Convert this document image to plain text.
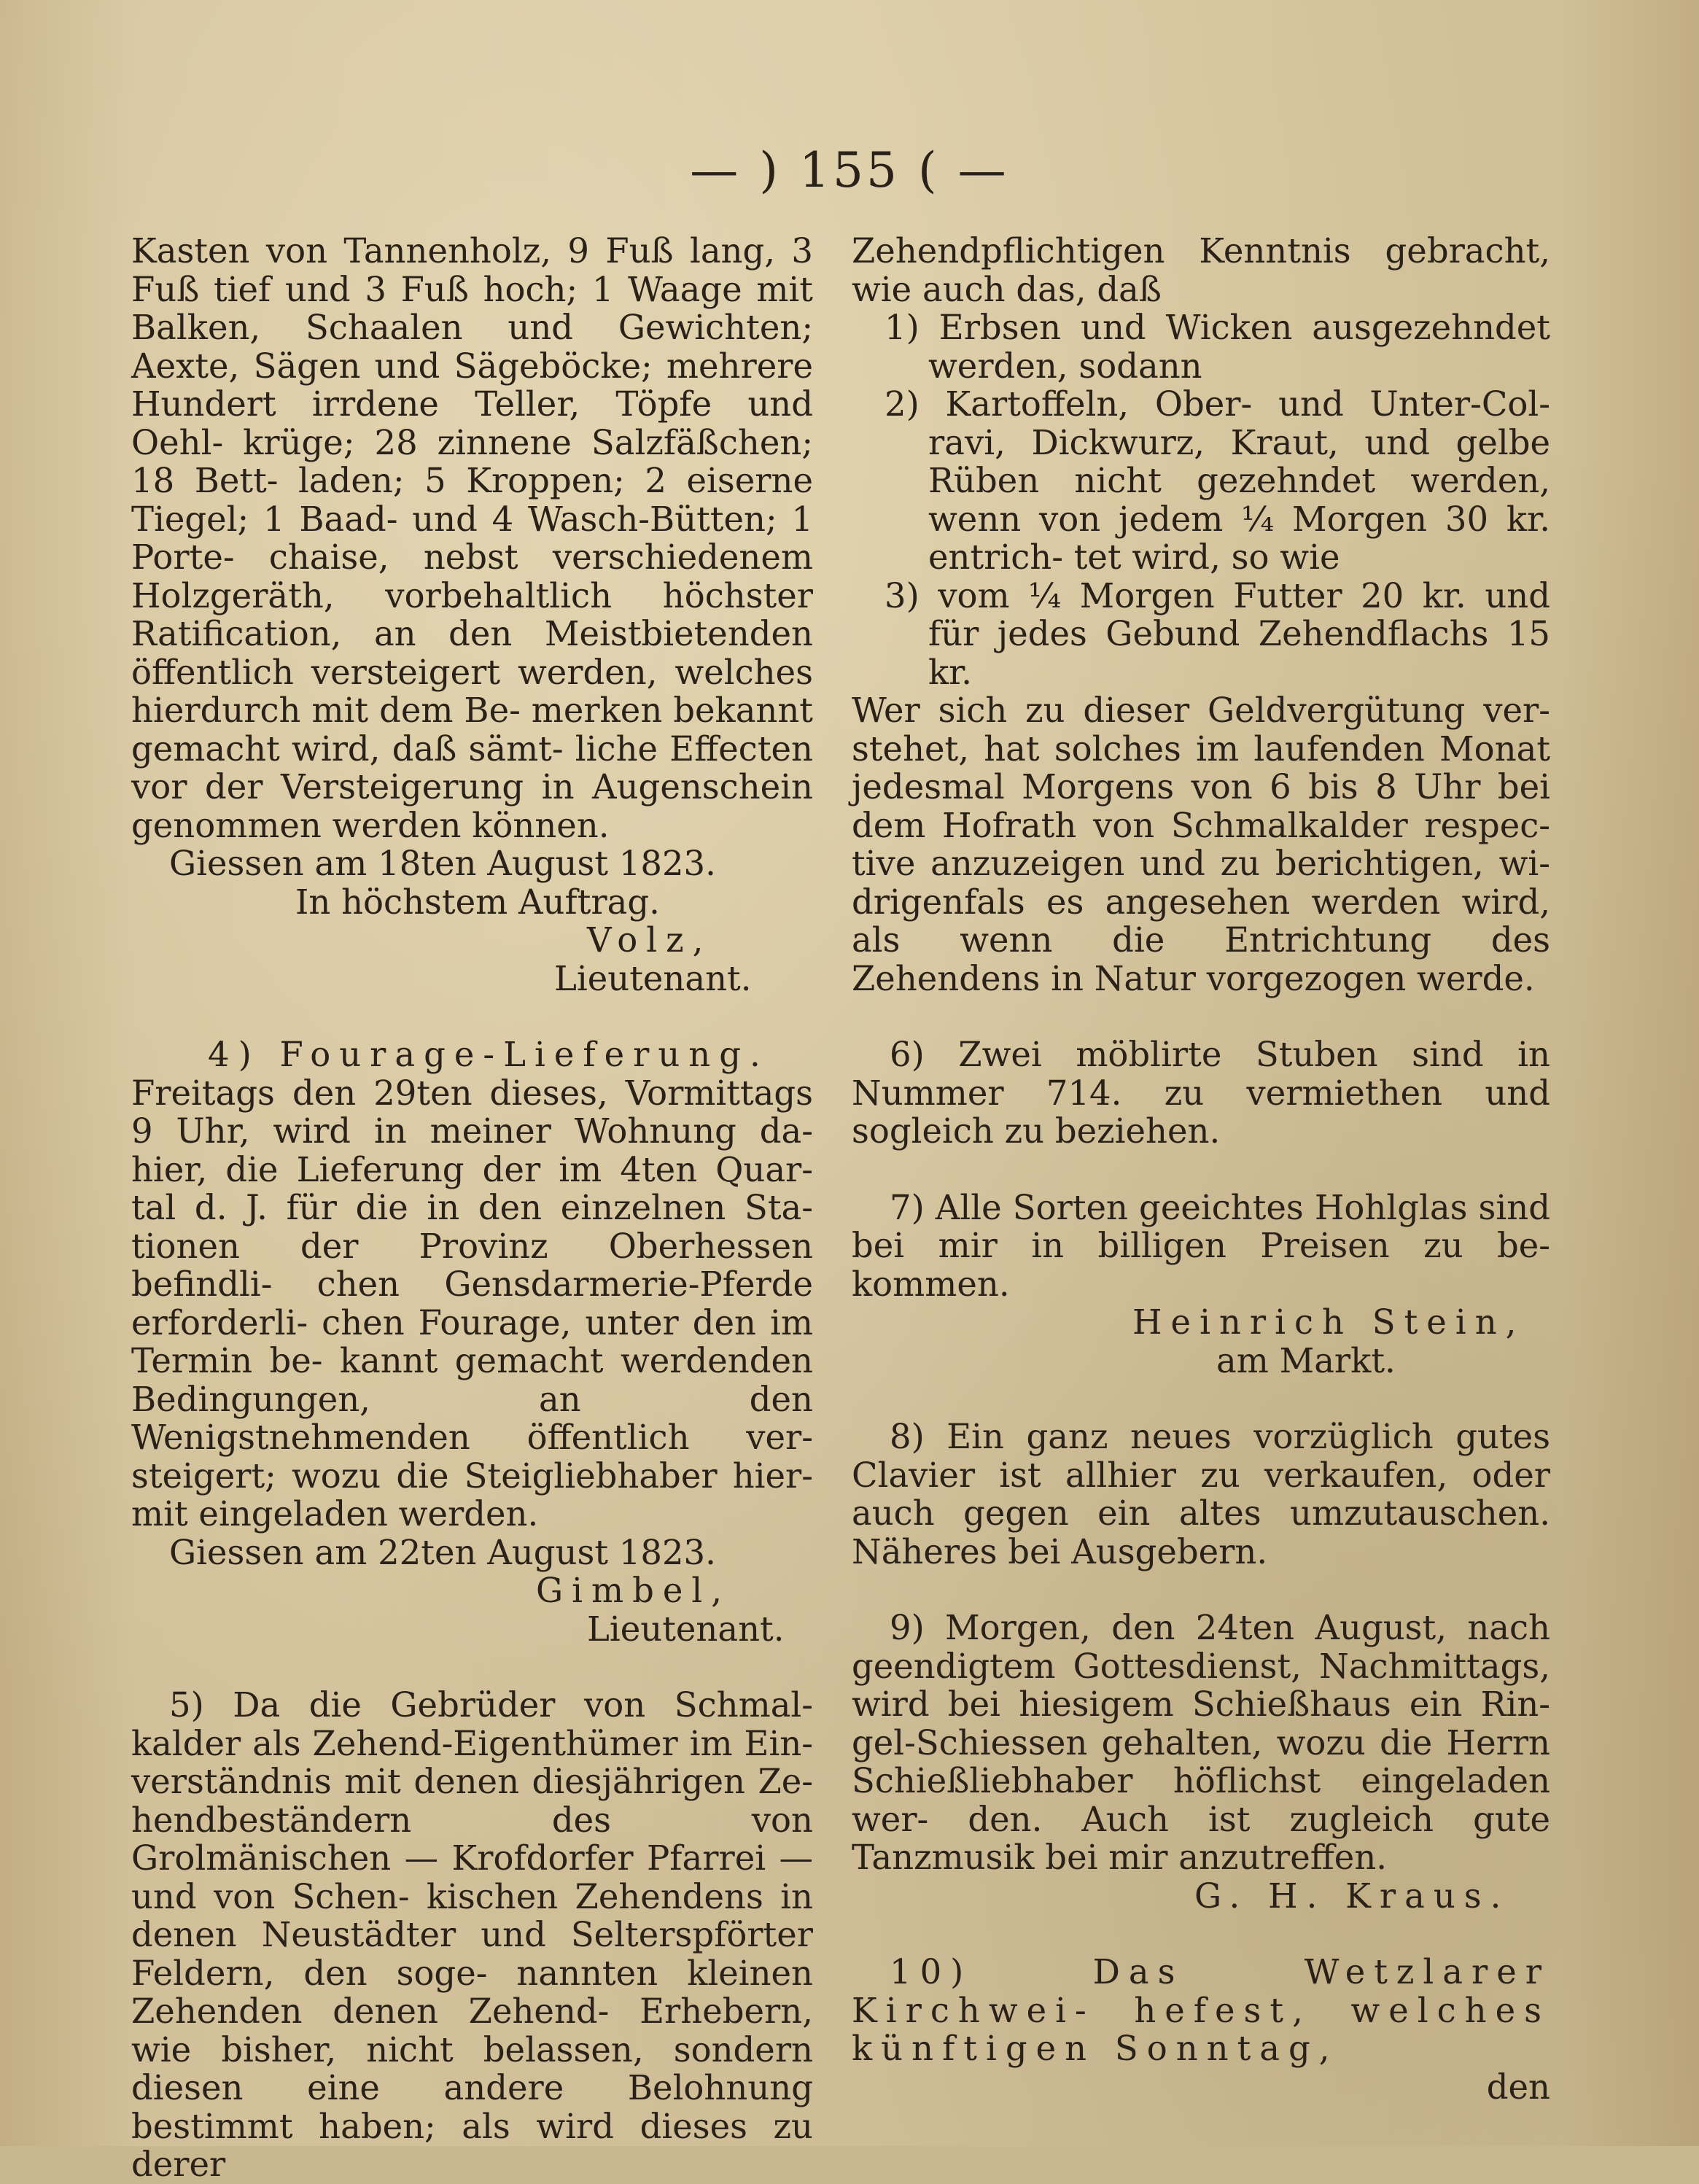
— ) 155 ( —

Kasten von Tannenholz, 9 Fuß lang, 3 Fuß tief und 3 Fuß hoch; 1 Waage mit Balken, Schaalen und Gewichten; Aexte, Sägen und Sägeböcke; mehrere Hundert irrdene Teller, Töpfe und Oehl- krüge; 28 zinnene Salzfäßchen; 18 Bett- laden; 5 Kroppen; 2 eiserne Tiegel; 1 Baad- und 4 Wasch-Bütten; 1 Porte- chaise, nebst verschiedenem Holzgeräth, vorbehaltlich höchster Ratification, an den Meistbietenden öffentlich versteigert werden, welches hierdurch mit dem Be- merken bekannt gemacht wird, daß sämt- liche Effecten vor der Versteigerung in Augenschein genommen werden können.

Giessen am 18ten August 1823.

In höchstem Auftrag.

Volz,

Lieutenant.

4) Fourage-Lieferung.

Freitags den 29ten dieses, Vormittags 9 Uhr, wird in meiner Wohnung da- hier, die Lieferung der im 4ten Quar- tal d. J. für die in den einzelnen Sta- tionen der Provinz Oberhessen befindli- chen Gensdarmerie-Pferde erforderli- chen Fourage, unter den im Termin be- kannt gemacht werdenden Bedingungen, an den Wenigstnehmenden öffentlich ver- steigert; wozu die Steigliebhaber hier- mit eingeladen werden.

Giessen am 22ten August 1823.

Gimbel,

Lieutenant.

5) Da die Gebrüder von Schmal- kalder als Zehend-Eigenthümer im Ein- verständnis mit denen diesjährigen Ze- hendbeständern des von Grolmänischen — Krofdorfer Pfarrei — und von Schen- kischen Zehendens in denen Neustädter und Selterspförter Feldern, den soge- nannten kleinen Zehenden denen Zehend- Erhebern, wie bisher, nicht belassen, sondern diesen eine andere Belohnung bestimmt haben; als wird dieses zu derer

Zehendpflichtigen Kenntnis gebracht, wie auch das, daß

1) Erbsen und Wicken ausgezehndet werden, sodann

2) Kartoffeln, Ober- und Unter-Col- ravi, Dickwurz, Kraut, und gelbe Rüben nicht gezehndet werden, wenn von jedem ¼ Morgen 30 kr. entrich- tet wird, so wie

3) vom ¼ Morgen Futter 20 kr. und für jedes Gebund Zehendflachs 15 kr.

Wer sich zu dieser Geldvergütung ver- stehet, hat solches im laufenden Monat jedesmal Morgens von 6 bis 8 Uhr bei dem Hofrath von Schmalkalder respec- tive anzuzeigen und zu berichtigen, wi- drigenfals es angesehen werden wird, als wenn die Entrichtung des Zehendens in Natur vorgezogen werde.

6) Zwei möblirte Stuben sind in Nummer 714. zu vermiethen und sogleich zu beziehen.

7) Alle Sorten geeichtes Hohlglas sind bei mir in billigen Preisen zu be- kommen.

Heinrich Stein,

am Markt.

8) Ein ganz neues vorzüglich gutes Clavier ist allhier zu verkaufen, oder auch gegen ein altes umzutauschen. Näheres bei Ausgebern.

9) Morgen, den 24ten August, nach geendigtem Gottesdienst, Nachmittags, wird bei hiesigem Schießhaus ein Rin- gel-Schiessen gehalten, wozu die Herrn Schießliebhaber höflichst eingeladen wer- den. Auch ist zugleich gute Tanzmusik bei mir anzutreffen.

G. H. Kraus.

10) Das Wetzlarer Kirchwei- hefest, welches künftigen Sonntag,

den
